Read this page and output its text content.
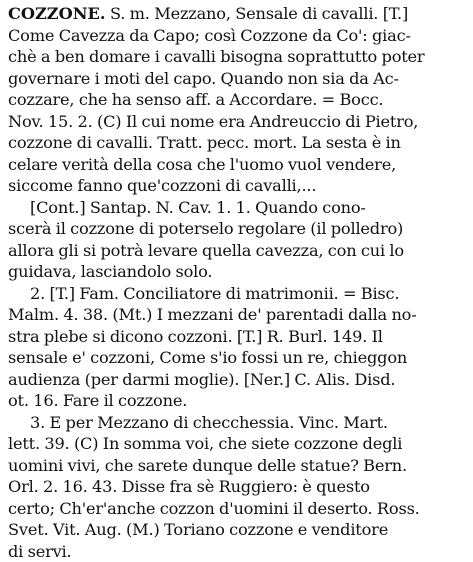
COZZONE. S. m. Mezzano, Sensale di cavalli. [T.]
Come Cavezza da Capo; così Cozzone da Co': giac-
chè a ben domare i cavalli bisogna soprattutto poter
governare i moti del capo. Quando non sia da Ac-
cozzare, che ha senso aff. a Accordare. = Bocc.
Nov. 15. 2. (C) Il cui nome era Andreuccio di Pietro,
cozzone di cavalli. Tratt. pecc. mort. La sesta è in
celare verità della cosa che l'uomo vuol vendere,
siccome fanno que'cozzoni di cavalli,...
[Cont.] Santap. N. Cav. 1. 1. Quando cono-
scerà il cozzone di poterselo regolare (il polledro)
allora gli si potrà levare quella cavezza, con cui lo
guidava, lasciandolo solo.
2. [T.] Fam. Conciliatore di matrimonii. = Bisc.
Malm. 4. 38. (Mt.) I mezzani de' parentadi dalla no-
stra plebe si dicono cozzoni. [T.] R. Burl. 149. Il
sensale e' cozzoni, Come s'io fossi un re, chieggon
audienza (per darmi moglie). [Ner.] C. Alis. Disd.
ot. 16. Fare il cozzone.
3. E per Mezzano di checchessia. Vinc. Mart.
lett. 39. (C) In somma voi, che siete cozzone degli
uomini vivi, che sarete dunque delle statue? Bern.
Orl. 2. 16. 43. Disse fra sè Ruggiero: è questo
certo; Ch'er'anche cozzon d'uomini il deserto. Ross.
Svet. Vit. Aug. (M.) Toriano cozzone e venditore
di servi.
